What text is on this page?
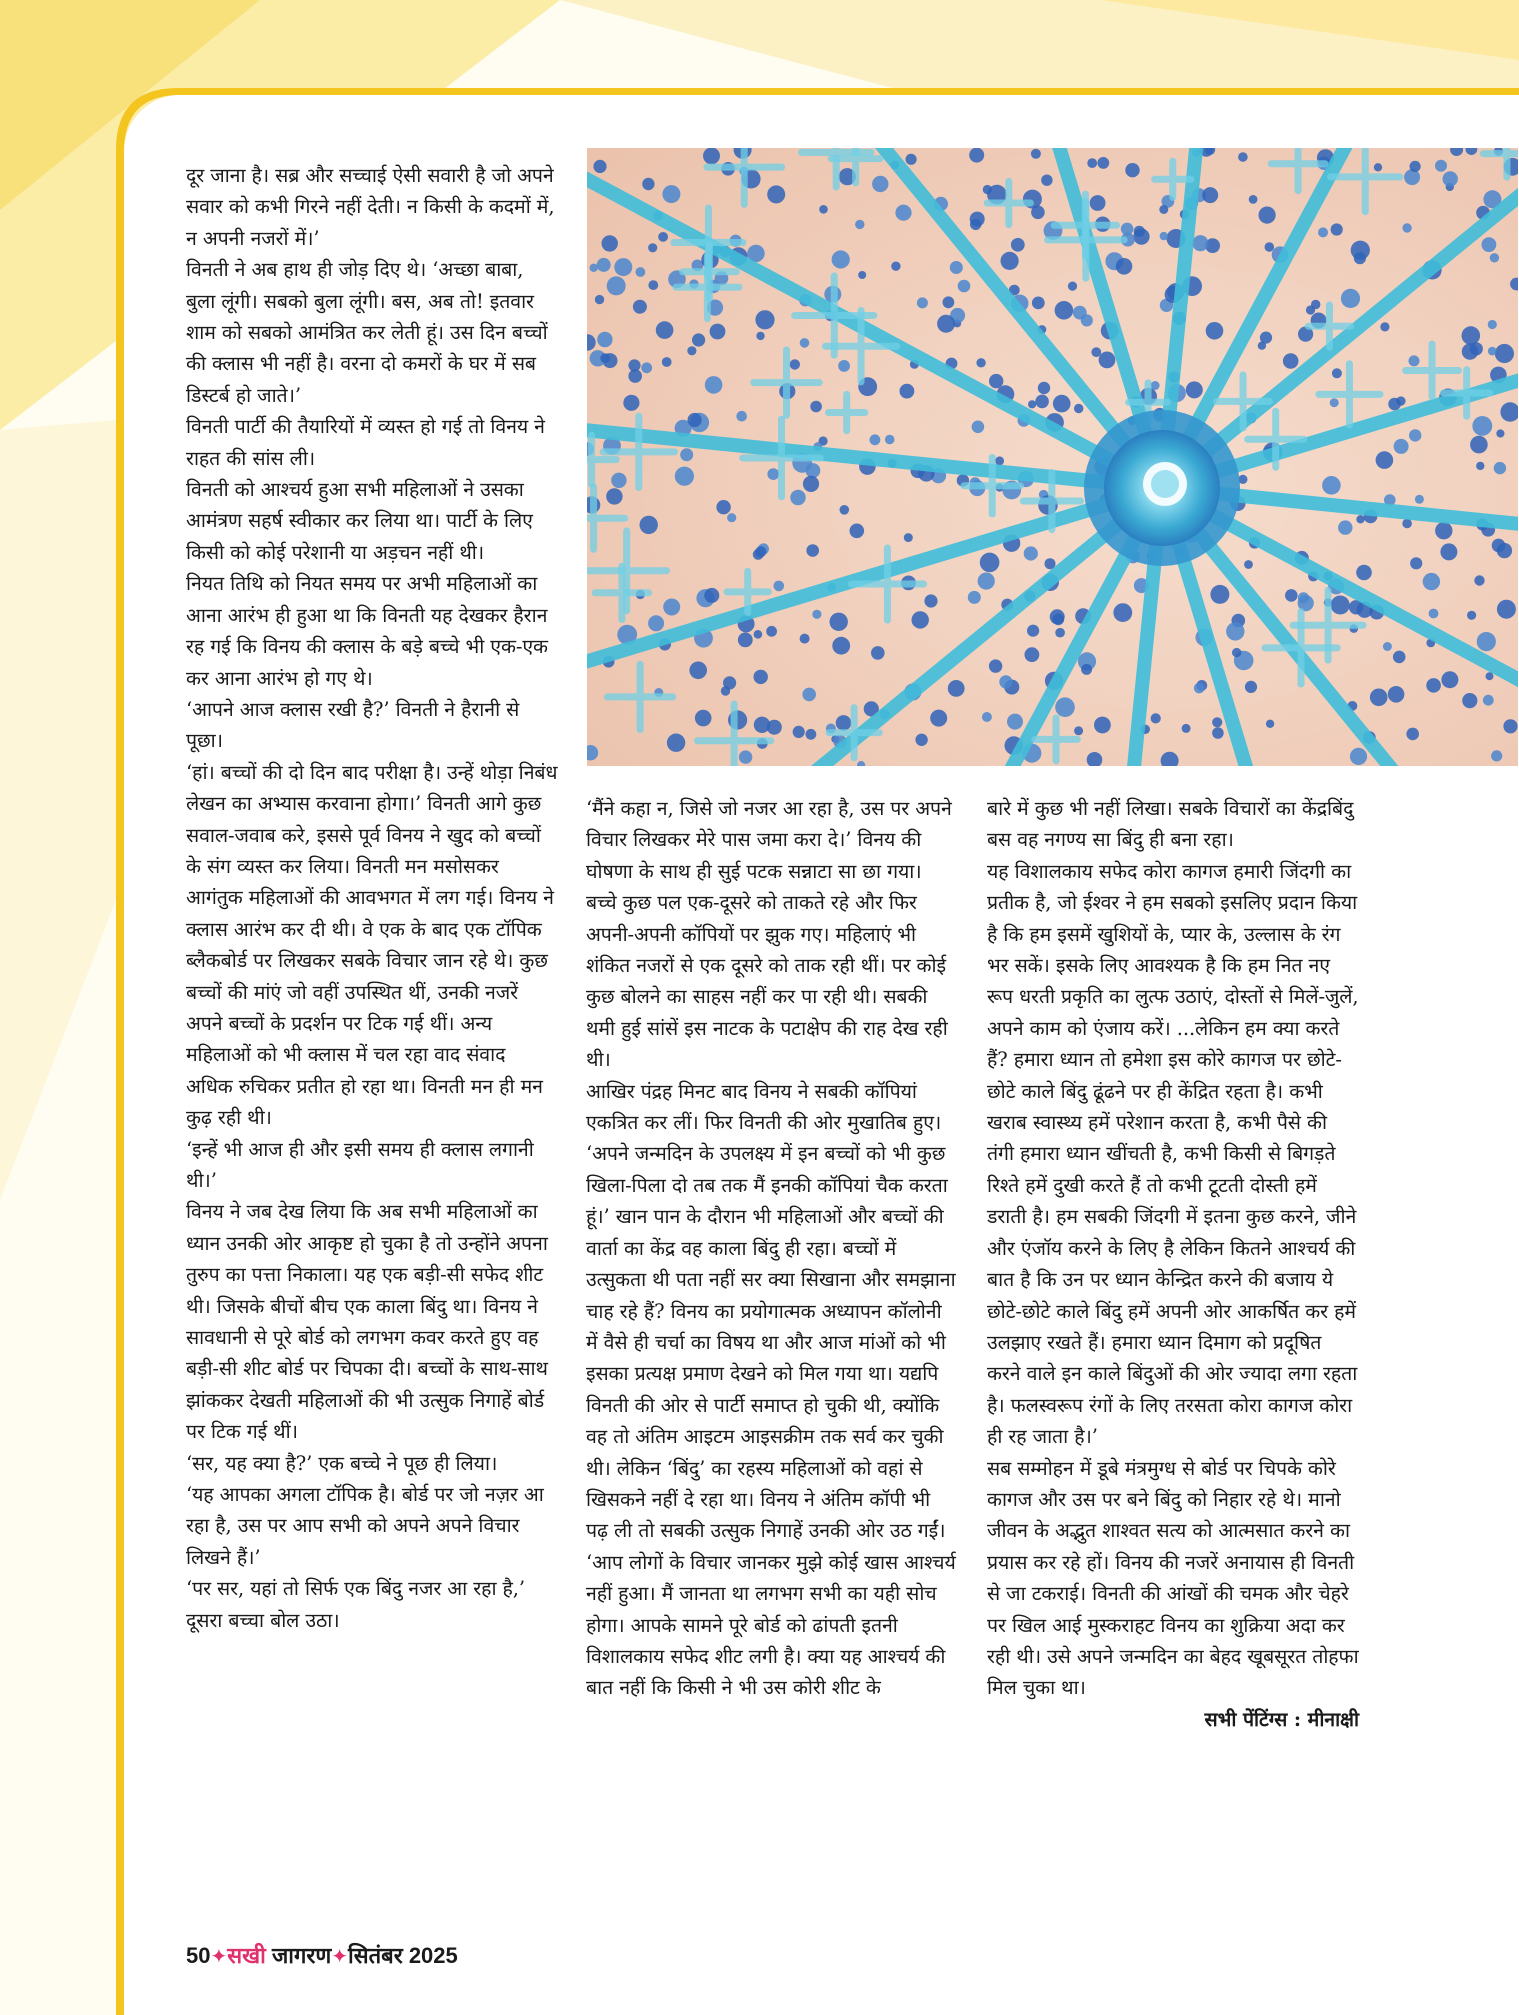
दूर जाना है। सब्र और सच्चाई ऐसी सवारी है जो अपने सवार को कभी गिरने नहीं देती। न किसी के कदमों में, न अपनी नजरों में।’

विनती ने अब हाथ ही जोड़ दिए थे। ‘अच्छा बाबा, बुला लूंगी। सबको बुला लूंगी। बस, अब तो! इतवार शाम को सबको आमंत्रित कर लेती हूं। उस दिन बच्चों की क्लास भी नहीं है। वरना दो कमरों के घर में सब डिस्टर्ब हो जाते।’

विनती पार्टी की तैयारियों में व्यस्त हो गई तो विनय ने राहत की सांस ली।

विनती को आश्चर्य हुआ सभी महिलाओं ने उसका आमंत्रण सहर्ष स्वीकार कर लिया था। पार्टी के लिए किसी को कोई परेशानी या अड़चन नहीं थी।

नियत तिथि को नियत समय पर अभी महिलाओं का आना आरंभ ही हुआ था कि विनती यह देखकर हैरान रह गई कि विनय की क्लास के बड़े बच्चे भी एक-एक कर आना आरंभ हो गए थे।

‘आपने आज क्लास रखी है?’ विनती ने हैरानी से पूछा।

‘हां। बच्चों की दो दिन बाद परीक्षा है। उन्हें थोड़ा निबंध लेखन का अभ्यास करवाना होगा।’ विनती आगे कुछ सवाल-जवाब करे, इससे पूर्व विनय ने खुद को बच्चों के संग व्यस्त कर लिया। विनती मन मसोसकर आगंतुक महिलाओं की आवभगत में लग गई। विनय ने क्लास आरंभ कर दी थी। वे एक के बाद एक टॉपिक ब्लैकबोर्ड पर लिखकर सबके विचार जान रहे थे। कुछ बच्चों की मांएं जो वहीं उपस्थित थीं, उनकी नजरें अपने बच्चों के प्रदर्शन पर टिक गई थीं। अन्य महिलाओं को भी क्लास में चल रहा वाद संवाद अधिक रुचिकर प्रतीत हो रहा था। विनती मन ही मन कुढ़ रही थी।

‘इन्हें भी आज ही और इसी समय ही क्लास लगानी थी।’

विनय ने जब देख लिया कि अब सभी महिलाओं का ध्यान उनकी ओर आकृष्ट हो चुका है तो उन्होंने अपना तुरुप का पत्ता निकाला। यह एक बड़ी-सी सफेद शीट थी। जिसके बीचों बीच एक काला बिंदु था। विनय ने सावधानी से पूरे बोर्ड को लगभग कवर करते हुए वह बड़ी-सी शीट बोर्ड पर चिपका दी। बच्चों के साथ-साथ झांककर देखती महिलाओं की भी उत्सुक निगाहें बोर्ड पर टिक गई थीं।

‘सर, यह क्या है?’ एक बच्चे ने पूछ ही लिया।

‘यह आपका अगला टॉपिक है। बोर्ड पर जो नज़र आ रहा है, उस पर आप सभी को अपने अपने विचार लिखने हैं।’

‘पर सर, यहां तो सिर्फ एक बिंदु नजर आ रहा है,’ दूसरा बच्चा बोल उठा।

‘मैंने कहा न, जिसे जो नजर आ रहा है, उस पर अपने विचार लिखकर मेरे पास जमा करा दे।’ विनय की घोषणा के साथ ही सुई पटक सन्नाटा सा छा गया। बच्चे कुछ पल एक-दूसरे को ताकते रहे और फिर अपनी-अपनी कॉपियों पर झुक गए। महिलाएं भी शंकित नजरों से एक दूसरे को ताक रही थीं। पर कोई कुछ बोलने का साहस नहीं कर पा रही थी। सबकी थमी हुई सांसें इस नाटक के पटाक्षेप की राह देख रही थी।

आखिर पंद्रह मिनट बाद विनय ने सबकी कॉपियां एकत्रित कर लीं। फिर विनती की ओर मुखातिब हुए।

‘अपने जन्मदिन के उपलक्ष्य में इन बच्चों को भी कुछ खिला-पिला दो तब तक मैं इनकी कॉपियां चैक करता हूं।’ खान पान के दौरान भी महिलाओं और बच्चों की वार्ता का केंद्र वह काला बिंदु ही रहा। बच्चों में उत्सुकता थी पता नहीं सर क्या सिखाना और समझाना चाह रहे हैं? विनय का प्रयोगात्मक अध्यापन कॉलोनी में वैसे ही चर्चा का विषय था और आज मांओं को भी इसका प्रत्यक्ष प्रमाण देखने को मिल गया था। यद्यपि विनती की ओर से पार्टी समाप्त हो चुकी थी, क्योंकि वह तो अंतिम आइटम आइसक्रीम तक सर्व कर चुकी थी। लेकिन ‘बिंदु’ का रहस्य महिलाओं को वहां से खिसकने नहीं दे रहा था। विनय ने अंतिम कॉपी भी पढ़ ली तो सबकी उत्सुक निगाहें उनकी ओर उठ गईं।

‘आप लोगों के विचार जानकर मुझे कोई खास आश्चर्य नहीं हुआ। मैं जानता था लगभग सभी का यही सोच होगा। आपके सामने पूरे बोर्ड को ढांपती इतनी विशालकाय सफेद शीट लगी है। क्या यह आश्चर्य की बात नहीं कि किसी ने भी उस कोरी शीट के

बारे में कुछ भी नहीं लिखा। सबके विचारों का केंद्रबिंदु बस वह नगण्य सा बिंदु ही बना रहा।

यह विशालकाय सफेद कोरा कागज हमारी जिंदगी का प्रतीक है, जो ईश्वर ने हम सबको इसलिए प्रदान किया है कि हम इसमें खुशियों के, प्यार के, उल्लास के रंग भर सकें। इसके लिए आवश्यक है कि हम नित नए रूप धरती प्रकृति का लुत्फ उठाएं, दोस्तों से मिलें-जुलें, अपने काम को एंजाय करें। ...लेकिन हम क्या करते हैं? हमारा ध्यान तो हमेशा इस कोरे कागज पर छोटे-छोटे काले बिंदु ढूंढने पर ही केंद्रित रहता है। कभी खराब स्वास्थ्य हमें परेशान करता है, कभी पैसे की तंगी हमारा ध्यान खींचती है, कभी किसी से बिगड़ते रिश्ते हमें दुखी करते हैं तो कभी टूटती दोस्ती हमें डराती है। हम सबकी जिंदगी में इतना कुछ करने, जीने और एंजॉय करने के लिए है लेकिन कितने आश्चर्य की बात है कि उन पर ध्यान केन्द्रित करने की बजाय ये छोटे-छोटे काले बिंदु हमें अपनी ओर आकर्षित कर हमें उलझाए रखते हैं। हमारा ध्यान दिमाग को प्रदूषित करने वाले इन काले बिंदुओं की ओर ज्यादा लगा रहता है। फलस्वरूप रंगों के लिए तरसता कोरा कागज कोरा ही रह जाता है।’

सब सम्मोहन में डूबे मंत्रमुग्ध से बोर्ड पर चिपके कोरे कागज और उस पर बने बिंदु को निहार रहे थे। मानो जीवन के अद्भुत शाश्वत सत्य को आत्मसात करने का प्रयास कर रहे हों। विनय की नजरें अनायास ही विनती से जा टकराई। विनती की आंखों की चमक और चेहरे पर खिल आई मुस्कराहट विनय का शुक्रिया अदा कर रही थी। उसे अपने जन्मदिन का बेहद खूबसूरत तोहफा मिल चुका था।

सभी पेंटिंग्स : मीनाक्षी

50✦सखी जागरण✦सितंबर 2025
